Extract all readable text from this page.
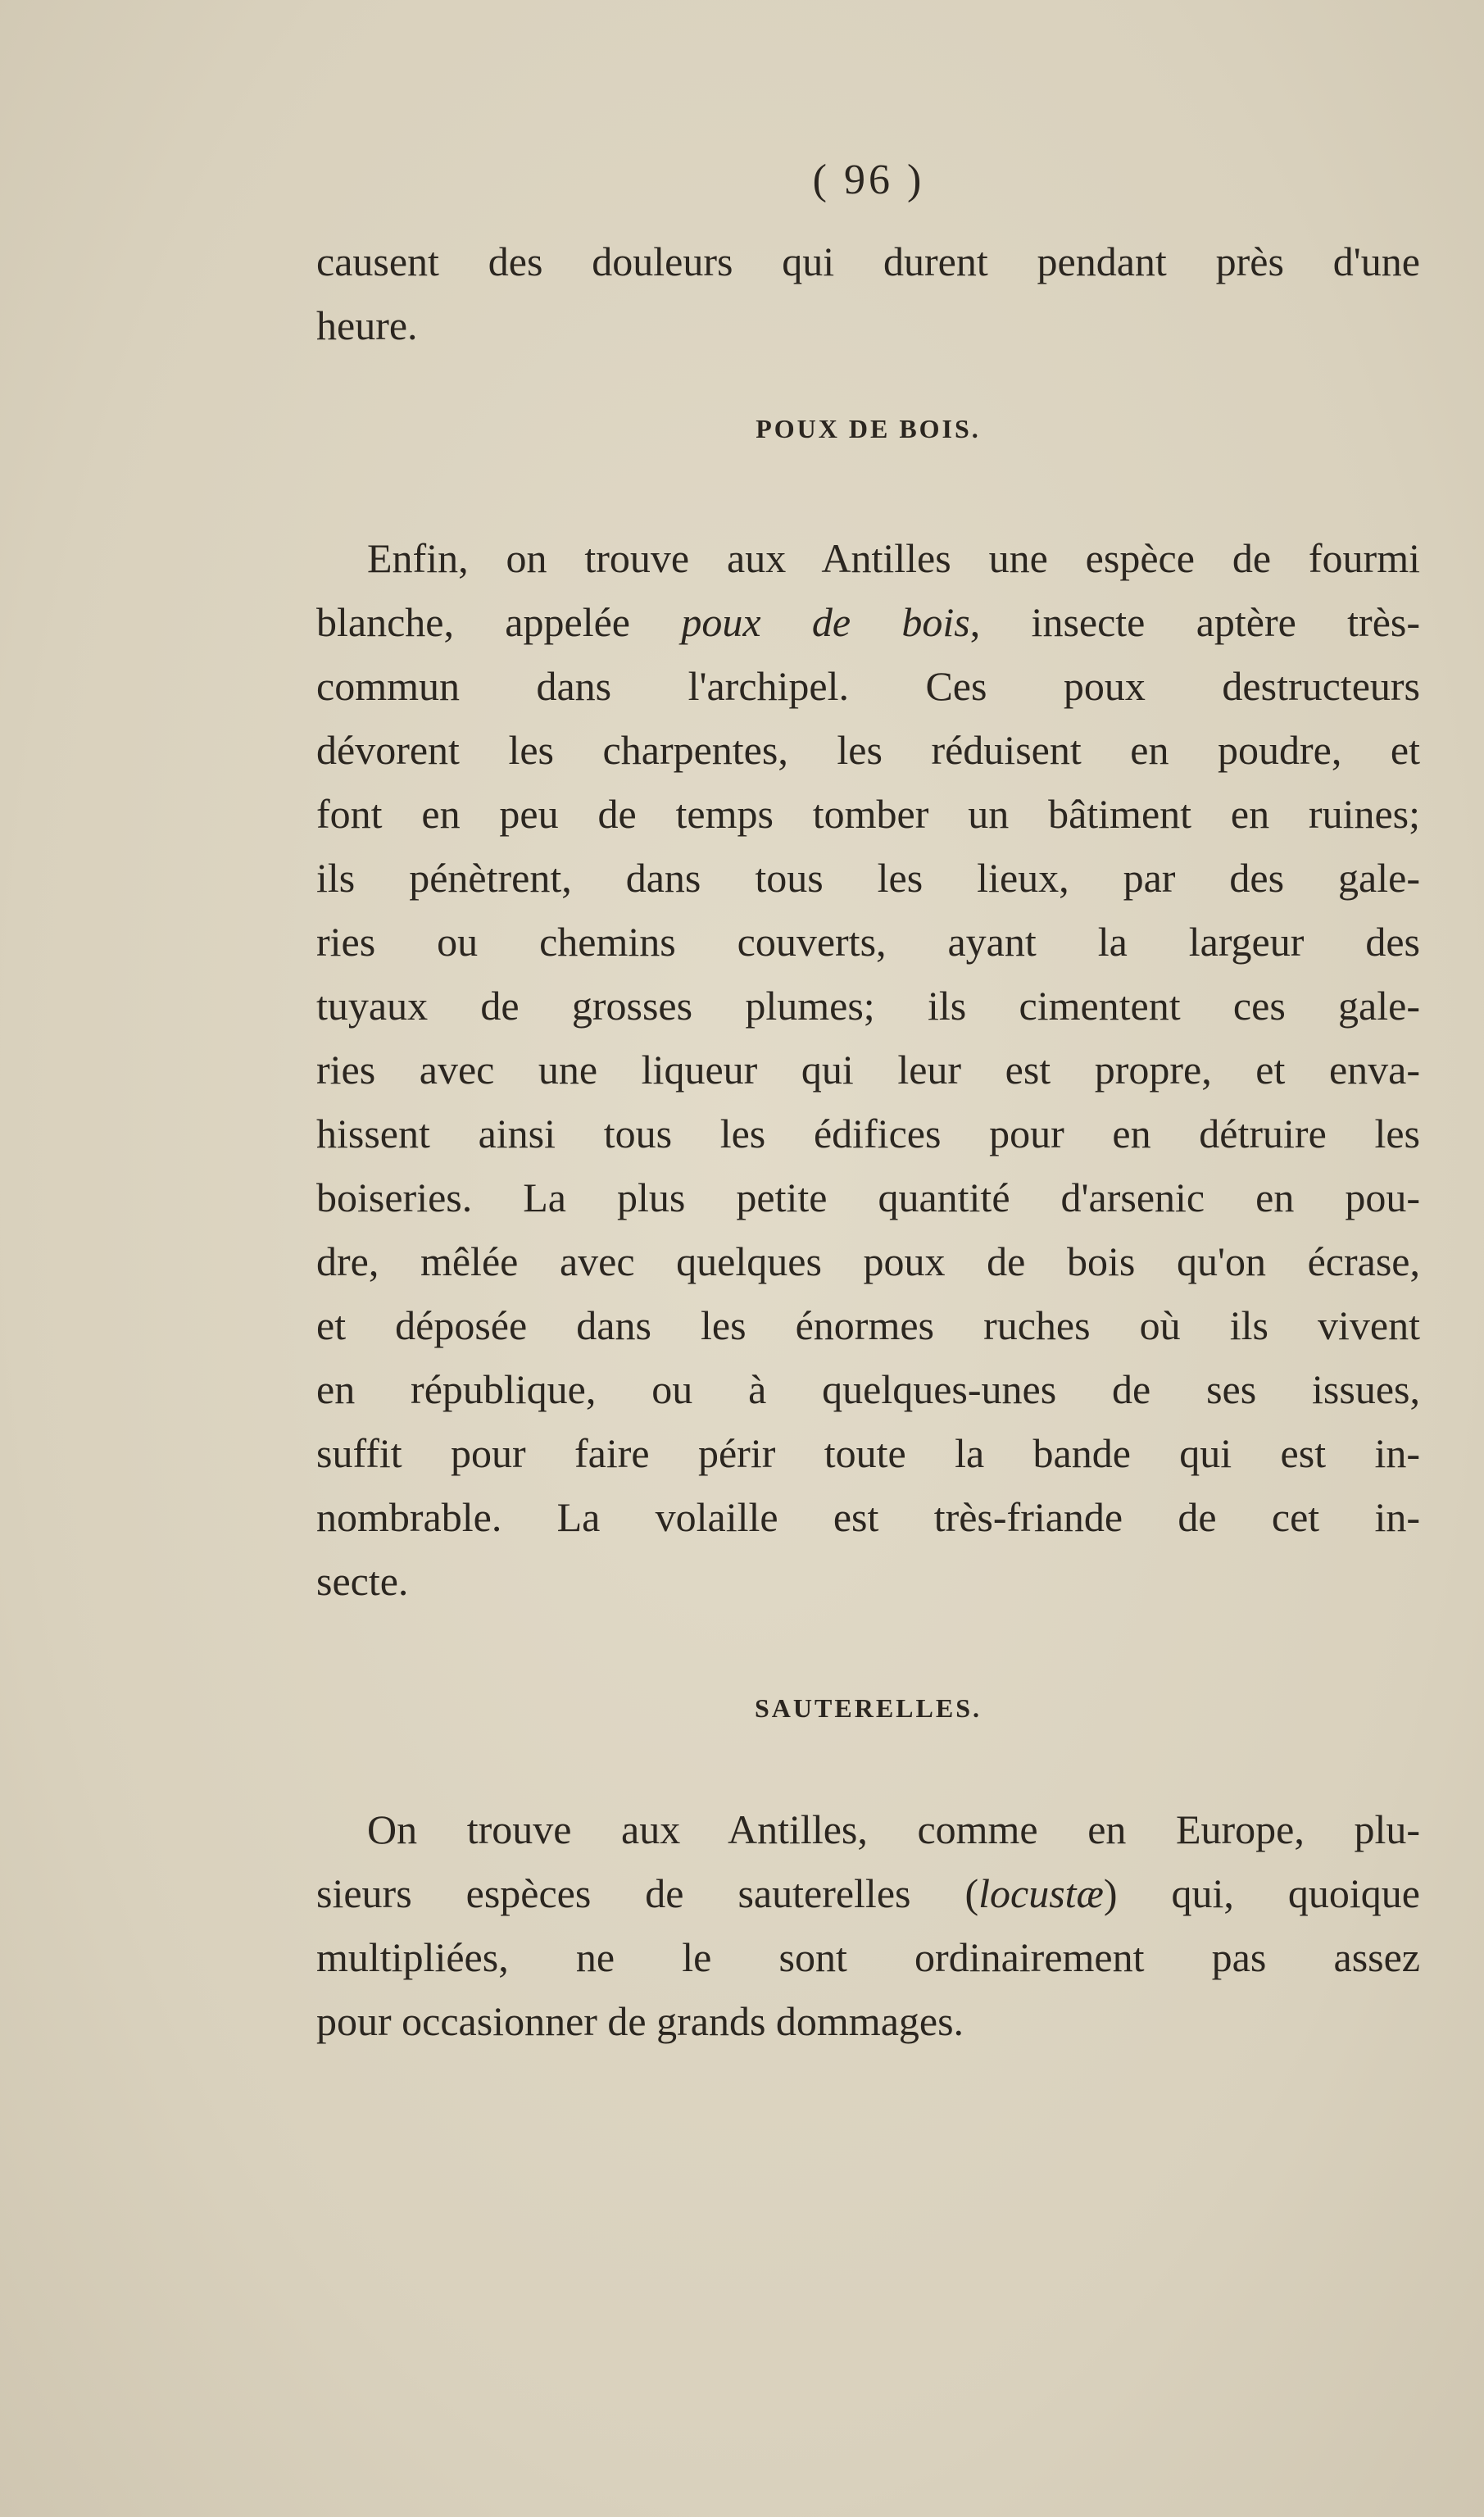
( 96 )
causent des douleurs qui durent pendant près d'une
heure.
POUX DE BOIS.
Enfin, on trouve aux Antilles une espèce de fourmi
blanche, appelée poux de bois, insecte aptère très-
commun dans l'archipel. Ces poux destructeurs
dévorent les charpentes, les réduisent en poudre, et
font en peu de temps tomber un bâtiment en ruines;
ils pénètrent, dans tous les lieux, par des gale-
ries ou chemins couverts, ayant la largeur des
tuyaux de grosses plumes; ils cimentent ces gale-
ries avec une liqueur qui leur est propre, et enva-
hissent ainsi tous les édifices pour en détruire les
boiseries. La plus petite quantité d'arsenic en pou-
dre, mêlée avec quelques poux de bois qu'on écrase,
et déposée dans les énormes ruches où ils vivent
en république, ou à quelques-unes de ses issues,
suffit pour faire périr toute la bande qui est in-
nombrable. La volaille est très-friande de cet in-
secte.
SAUTERELLES.
On trouve aux Antilles, comme en Europe, plu-
sieurs espèces de sauterelles (locustæ) qui, quoique
multipliées, ne le sont ordinairement pas assez
pour occasionner de grands dommages.
